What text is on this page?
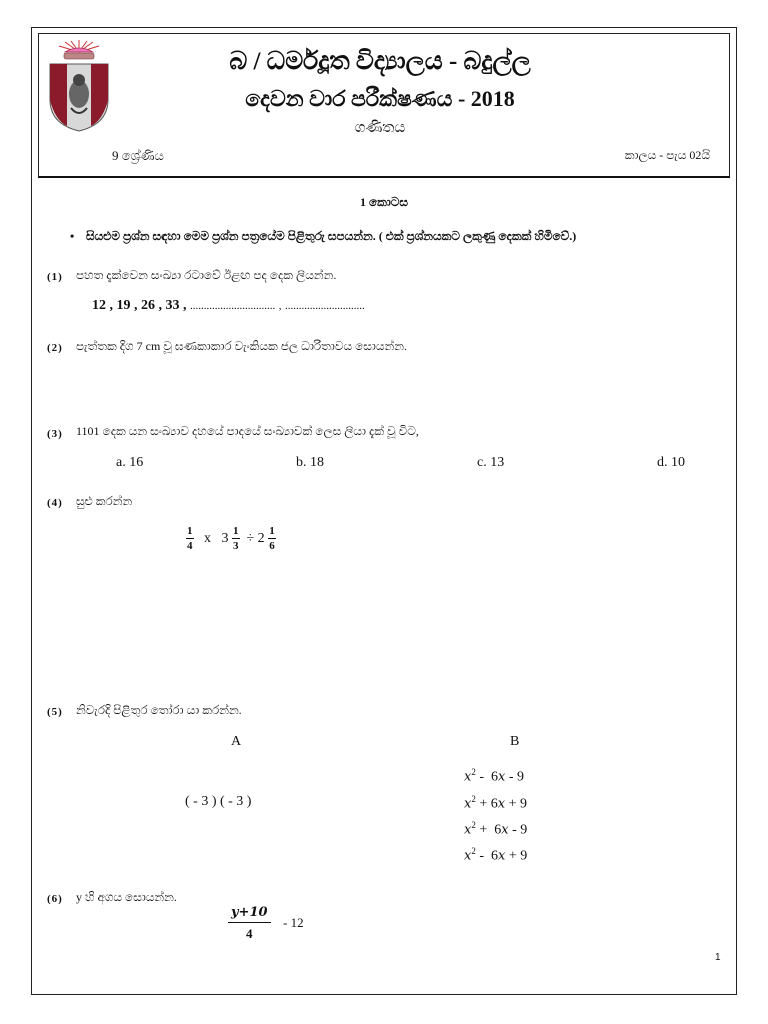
බ / ධර්මදූත විද්‍යාලය - බදුල්ල
දෙවන වාර පරීක්ෂණය - 2018
ගණිතය
9 ශ්‍රේණිය	කාලය - පැය 02යි
1 කොටස
• සියළුම ප්‍රශ්න සඳහා මෙම ප්‍රශ්න පත්‍රයේම පිළිතුරු සපයන්න. ( එක් ප්‍රශ්නයකට ලකුණු දෙකක් හිමිවේ.)
(1) පහත දැක්වෙන සංඛ්‍යා රටාවේ ඊළඟ පද දෙක ලියන්න.
12 , 19 , 26 , 33 , ............................... , .............................
(2) පැත්තක දිග 7 cm වූ ඝණකාකාර වැංකියක ජල ධාරිතාවය සොයන්න.
(3) 1101 දෙක යන සංඛ්‍යාව දහයේ පාදයේ සංඛ්‍යාවක් ලෙස ලියා දැක් වූ විට,
a. 16	b. 18	c. 13	d. 10
(4) සුළු කරන්න
$\frac{1}{4}$ x $3 \frac{1}{3} \div 2 \frac{1}{6}$
(5) නිවැරදි පිළිතුර තෝරා යා කරන්න.
A	B
( - 3 ) ( - 3 )
$x^2 - 6x - 9$
$x^2 + 6x + 9$
$x^2 + 6x - 9$
$x^2 - 6x + 9$
(6) y හි අගය සොයන්න.
$\frac{y+10}{4} - 12$
1
